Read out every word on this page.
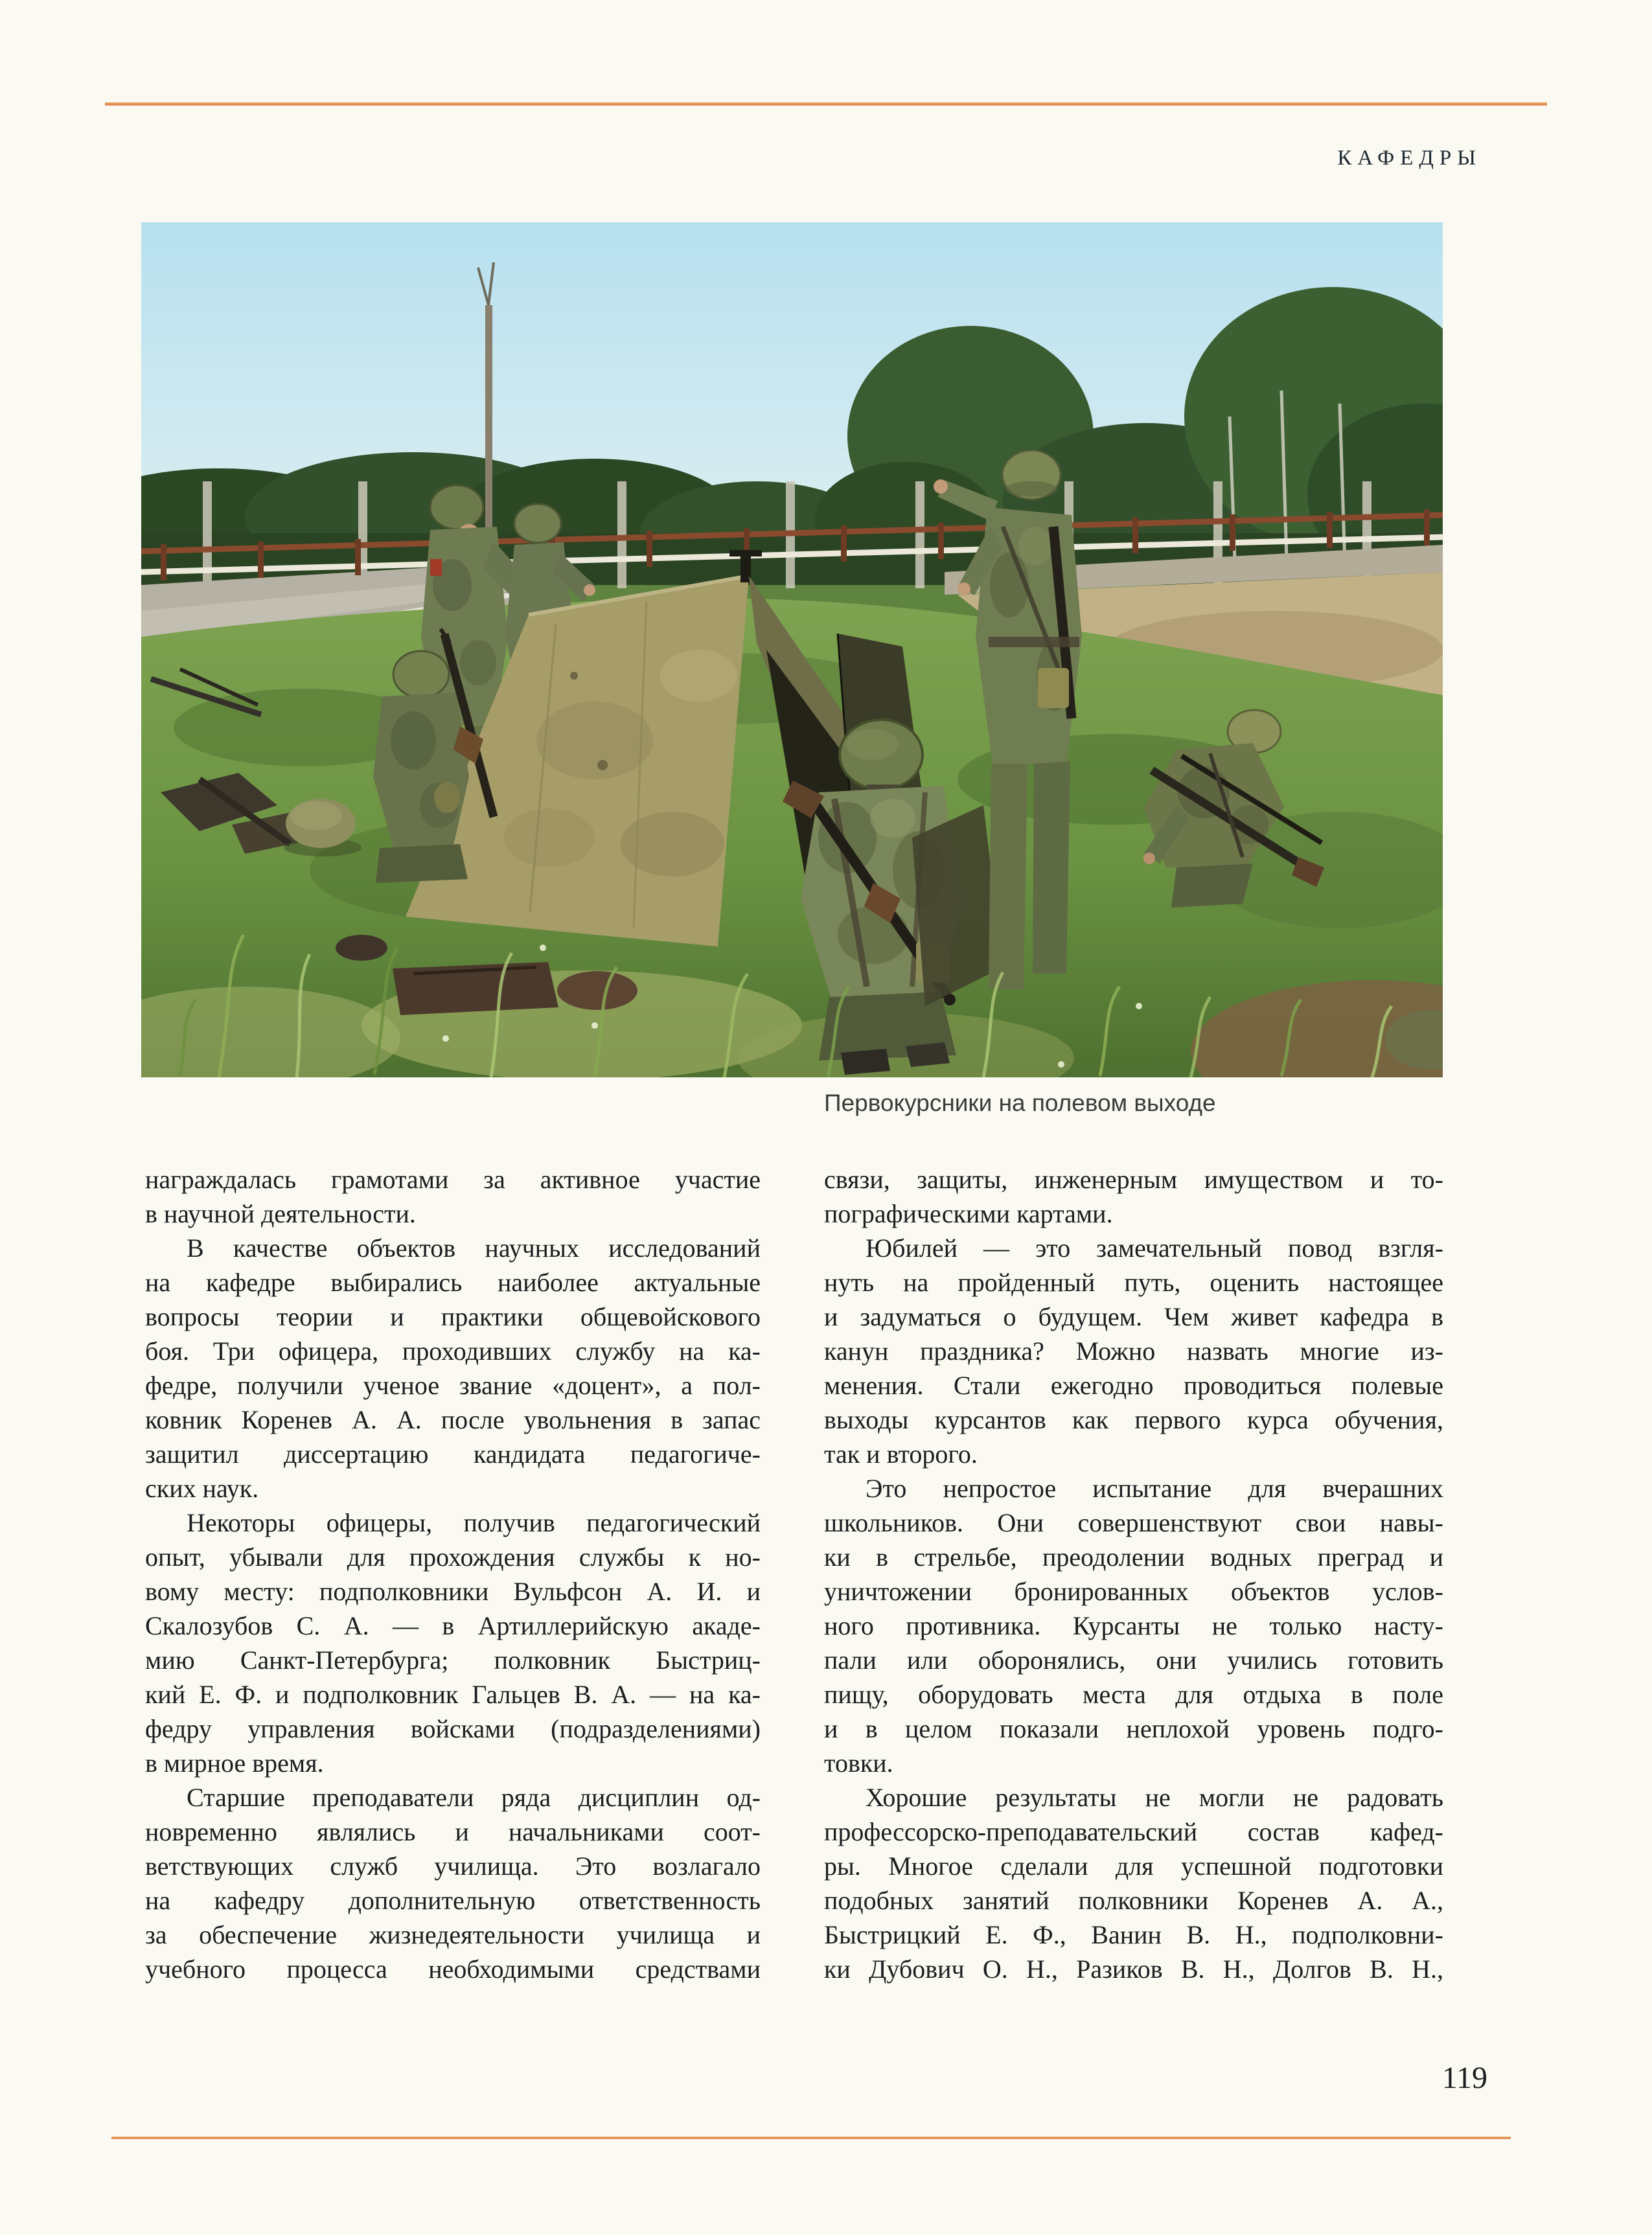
КАФЕДРЫ
Первокурсники на полевом выходе
награждалась грамотами за активное участие
в научной деятельности.
В качестве объектов научных исследований
на кафедре выбирались наиболее актуальные
вопросы теории и практики общевойскового
боя. Три офицера, проходивших службу на ка-
федре, получили ученое звание «доцент», а пол-
ковник Коренев А. А. после увольнения в запас
защитил диссертацию кандидата педагогиче-
ских наук.
Некоторы офицеры, получив педагогический
опыт, убывали для прохождения службы к но-
вому месту: подполковники Вульфсон А. И. и
Скалозубов С. А. — в Артиллерийскую акаде-
мию Санкт-Петербурга; полковник Быстриц-
кий Е. Ф. и подполковник Гальцев В. А. — на ка-
федру управления войсками (подразделениями)
в мирное время.
Старшие преподаватели ряда дисциплин од-
новременно являлись и начальниками соот-
ветствующих служб училища. Это возлагало
на кафедру дополнительную ответственность
за обеспечение жизнедеятельности училища и
учебного процесса необходимыми средствами
связи, защиты, инженерным имуществом и то-
пографическими картами.
Юбилей — это замечательный повод взгля-
нуть на пройденный путь, оценить настоящее
и задуматься о будущем. Чем живет кафедра в
канун праздника? Можно назвать многие из-
менения. Стали ежегодно проводиться полевые
выходы курсантов как первого курса обучения,
так и второго.
Это непростое испытание для вчерашних
школьников. Они совершенствуют свои навы-
ки в стрельбе, преодолении водных преград и
уничтожении бронированных объектов услов-
ного противника. Курсанты не только насту-
пали или оборонялись, они учились готовить
пищу, оборудовать места для отдыха в поле
и в целом показали неплохой уровень подго-
товки.
Хорошие результаты не могли не радовать
профессорско-преподавательский состав кафед-
ры. Многое сделали для успешной подготовки
подобных занятий полковники Коренев А. А.,
Быстрицкий Е. Ф., Ванин В. Н., подполковни-
ки Дубович О. Н., Разиков В. Н., Долгов В. Н.,
119
